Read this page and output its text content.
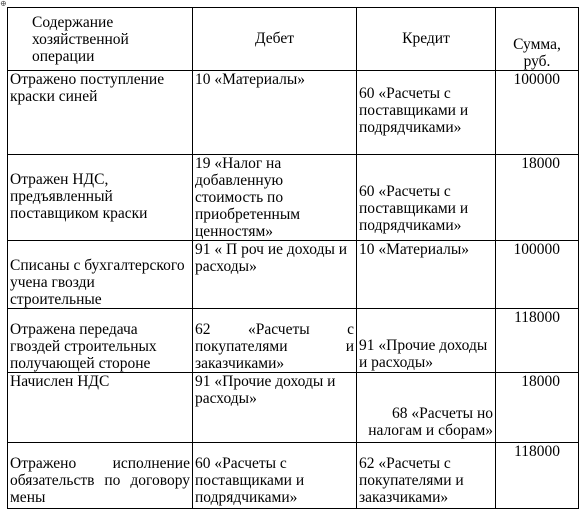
⊕
Содержание хозяйственной операции	Дебет	Кредит	Сумма, руб.
Отражено поступление краски синей	10 «Материалы»	60 «Расчеты с поставщиками и подрядчиками»	100000
Отражен НДС, предъявленный поставщиком краски	19 «Налог на добавленную стоимость по приобретенным ценностям»	60 «Расчеты с поставщиками и подрядчиками»	18000
Списаны с бухгалтерского учена гвозди строительные	91 « П роч ие доходы и расходы»	10 «Материалы»	100000
Отражена передача гвоздей строительных получающей стороне	62 «Расчеты с покупателями и заказчиками»	91 «Прочие доходы и расходы»	118000
Начислен НДС	91 «Прочие доходы и расходы»	68 «Расчеты но налогам и сборам»	18000
Отражено исполнение обязательств по договору мены	60 «Расчеты с поставщиками и подрядчиками»	62 «Расчеты с покупателями и заказчиками»	118000
